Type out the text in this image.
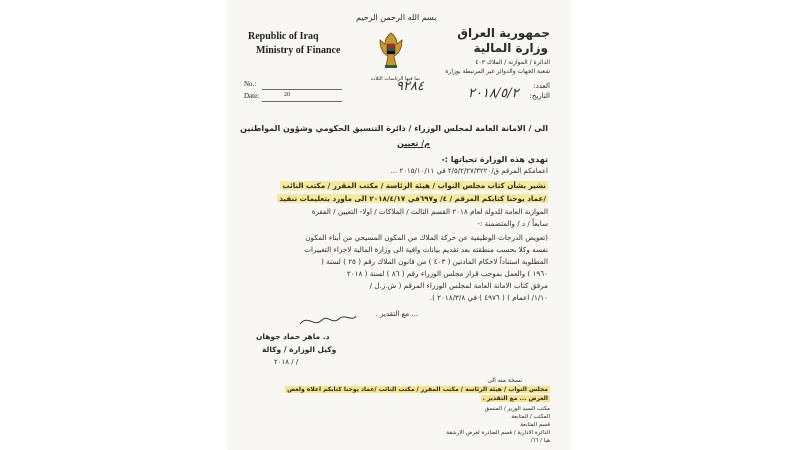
Republic of Iraq
Ministry of Finance
بسم الله الرحمن الرحيم
جمهورية العراق
وزارة المالية
الدائرة / الموازنة / الملاك ٤٠٣
شعبة الجهات والدوائر غير المرتبطة بوزارة
بما فيها الرئاسات الثلاث
No.:
Date:	20
٩٢٨٤	العدد:
٢٠١٨/٥/٢ التاريخ:
الى / الامانة العامة لمجلس الوزراء / دائرة التنسيق الحكومي وشؤون المواطنين
م/ تعيين
تهدي هذه الوزارة تحياتها :-
اعمامكم المرقم ق/٢/٥/٢/٢٧/٣٢٢٠ في ٢٠١٥/١٠/١١ ...
نشير بشأن كتاب مجلس النواب / هيئة الرئاسة / مكتب المقرر / مكتب النائب
/عماد يوحنا كتابكم المرقم / ٤/ و٦٩٧في ٢٠١٨/٤/١٧ الى ماورد بتعليمات تنفيذ
الموازنة العامة للدولة لعام ٢٠١٨ القسم الثالث / الملاكات / اولا- التعيين / الفقرة
سابعاً / د / والمتضمنة :-
(تعويض الدرجات الوظيفية عن حركة الملاك من المكون المسيحي من أبناء المكون
نفسه وكلا بحسب منطقته بعد تقديم بيانات وافية الى وزارة المالية لاجراء التغييرات
المطلوبة استناداً لاحكام المادتين ( ٤٠٣ ) من قانون الملاك رقم ( ٢٥ ) لسنة (
١٩٦٠ ) والعمل بموجب قرار مجلس الوزراء رقم ( ٨٦ ) لسنة ( ٢٠١٨
مرفق كتاب الامانة العامة لمجلس الوزراء المرقم ( ش.ز.ل /
١/١٠/ اعمام ) ( ٤٩٧٦ ) في ٢٠١٨/٣/٨ ).
... مع التقدير .
د. ماهر حماد جوهان
وكيل الوزارة / وكالة
/ / ٢٠١٨
نسخة منه الى
مجلس النواب / هيئة الرئاسة / مكتب المقرر / مكتب النائب /عماد يوحنا كتابكم اعلاه ولغض
الغرض ... مع التقدير .
مكتب السيد الوزير / المنسق
المكتب / المتابعة
قسم المتابعة
الدائرة الادارية / قسم الصادرة لغرض الارشفة
هبا / ٦٦/
